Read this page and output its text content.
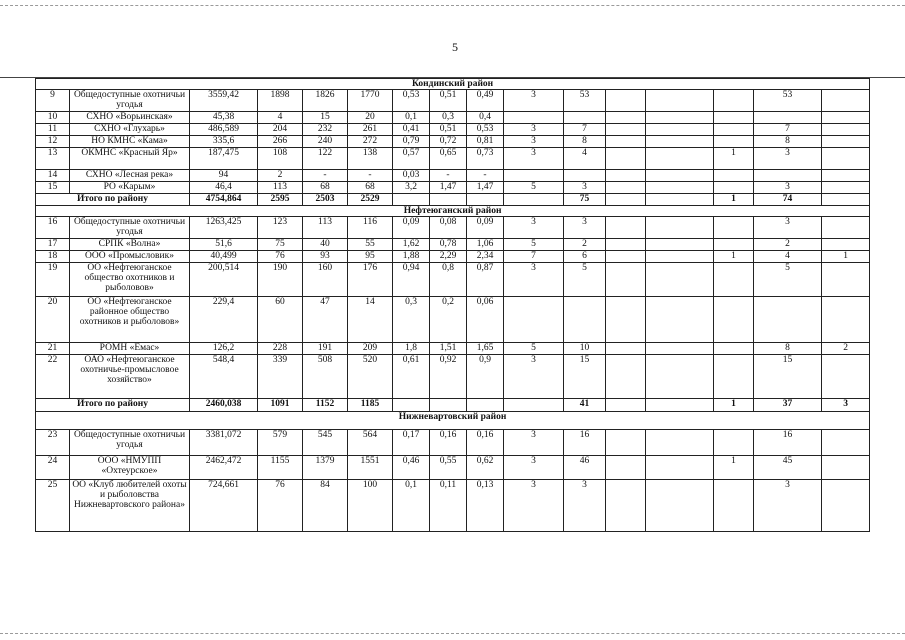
5
Кондинский район															
9	Общедоступные охотничьи угодья	3559,42	1898	1826	1770	0,53	0,51	0,49	3	53				53	
10	СХНО «Ворьинская»	45,38	4	15	20	0,1	0,3	0,4							
11	СХНО «Глухарь»	486,589	204	232	261	0,41	0,51	0,53	3	7				7	
12	НО КМНС «Кама»	335,6	266	240	272	0,79	0,72	0,81	3	8				8	
13	ОКМНС «Красный Яр»	187,475	108	122	138	0,57	0,65	0,73	3	4			1	3	
14	СХНО «Лесная река»	94	2	-	-	0,03	-	-							
15	РО «Карым»	46,4	113	68	68	3,2	1,47	1,47	5	3				3	
Итого по району		4754,864	2595	2503	2529					75			1	74	
Нефтеюганский район															
16	Общедоступные охотничьи угодья	1263,425	123	113	116	0,09	0,08	0,09	3	3				3	
17	СРПК «Волна»	51,6	75	40	55	1,62	0,78	1,06	5	2				2	
18	ООО «Промысловик»	40,499	76	93	95	1,88	2,29	2,34	7	6			1	4	1
19	ОО «Нефтеюганское общество охотников и рыболовов»	200,514	190	160	176	0,94	0,8	0,87	3	5				5	
20	ОО «Нефтеюганское районное общество охотников и рыболовов»	229,4	60	47	14	0,3	0,2	0,06							
21	РОМН «Емас»	126,2	228	191	209	1,8	1,51	1,65	5	10				8	2
22	ОАО «Нефтеюганское охотничье-промысловое хозяйство»	548,4	339	508	520	0,61	0,92	0,9	3	15				15	
Итого по району		2460,038	1091	1152	1185					41			1	37	3
Нижневартовский район															
23	Общедоступные охотничьи угодья	3381,072	579	545	564	0,17	0,16	0,16	3	16				16	
24	ООО «НМУПП «Охтеурское»	2462,472	1155	1379	1551	0,46	0,55	0,62	3	46			1	45	
25	ОО «Клуб любителей охоты и рыболовства Нижневартовского района»	724,661	76	84	100	0,1	0,11	0,13	3	3				3	
